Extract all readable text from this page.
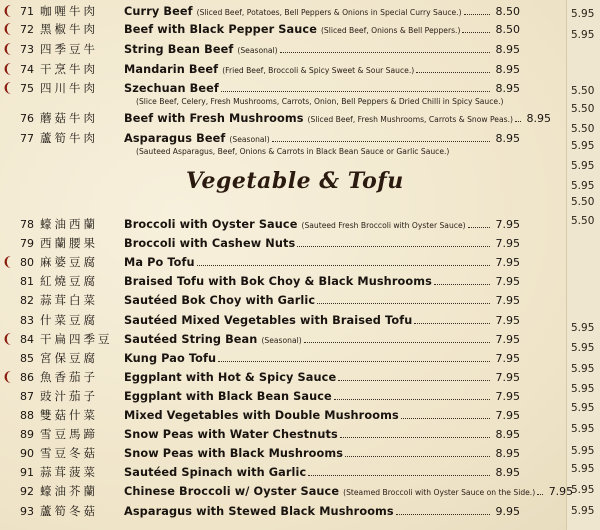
5.95
5.95
5.50
5.50
5.50
5.95
5.95
5.95
5.50
5.50
5.95
5.95
5.95
5.95
5.95
5.95
5.95
5.95
5.95
5.95
❨ 71 咖喱牛肉 Curry Beef (Sliced Beef, Potatoes, Bell Peppers & Onions in Special Curry Sauce.)	8.50
❨ 72 黑椒牛肉 Beef with Black Pepper Sauce (Sliced Beef, Onions & Bell Peppers.)	8.50
❨ 73 四季豆牛 String Bean Beef (Seasonal)	8.95
❨ 74 干烹牛肉 Mandarin Beef (Fried Beef, Broccoli & Spicy Sweet & Sour Sauce.)	8.95
❨ 75 四川牛肉 Szechuan Beef	8.95
(Slice Beef, Celery, Fresh Mushrooms, Carrots, Onion, Bell Peppers & Dried Chilli in Spicy Sauce.)
76 蘑菇牛肉 Beef with Fresh Mushrooms (Sliced Beef, Fresh Mushrooms, Carrots & Snow Peas.)	8.95
77 蘆筍牛肉 Asparagus Beef (Seasonal)	8.95
(Sauteed Asparagus, Beef, Onions & Carrots in Black Bean Sauce or Garlic Sauce.)
Vegetable & Tofu
78 蠔油西蘭 Broccoli with Oyster Sauce (Sauteed Fresh Broccoli with Oyster Sauce)	7.95
79 西蘭腰果 Broccoli with Cashew Nuts	7.95
❨ 80 麻婆豆腐 Ma Po Tofu	7.95
81 紅燒豆腐 Braised Tofu with Bok Choy & Black Mushrooms	7.95
82 蒜茸白菜 Sautéed Bok Choy with Garlic	7.95
83 什菜豆腐 Sautéed Mixed Vegetables with Braised Tofu	7.95
❨ 84 干扁四季豆 Sautéed String Bean (Seasonal)	7.95
85 宮保豆腐 Kung Pao Tofu	7.95
❨ 86 魚香茄子 Eggplant with Hot & Spicy Sauce	7.95
87 豉汁茄子 Eggplant with Black Bean Sauce	7.95
88 雙菇什菜 Mixed Vegetables with Double Mushrooms	7.95
89 雪豆馬蹄 Snow Peas with Water Chestnuts	8.95
90 雪豆冬菇 Snow Peas with Black Mushrooms	8.95
91 蒜茸菠菜 Sautéed Spinach with Garlic	8.95
92 蠔油芥蘭 Chinese Broccoli w/ Oyster Sauce (Steamed Broccoli with Oyster Sauce on the Side.)	7.95
93 蘆筍冬菇 Asparagus with Stewed Black Mushrooms	9.95
